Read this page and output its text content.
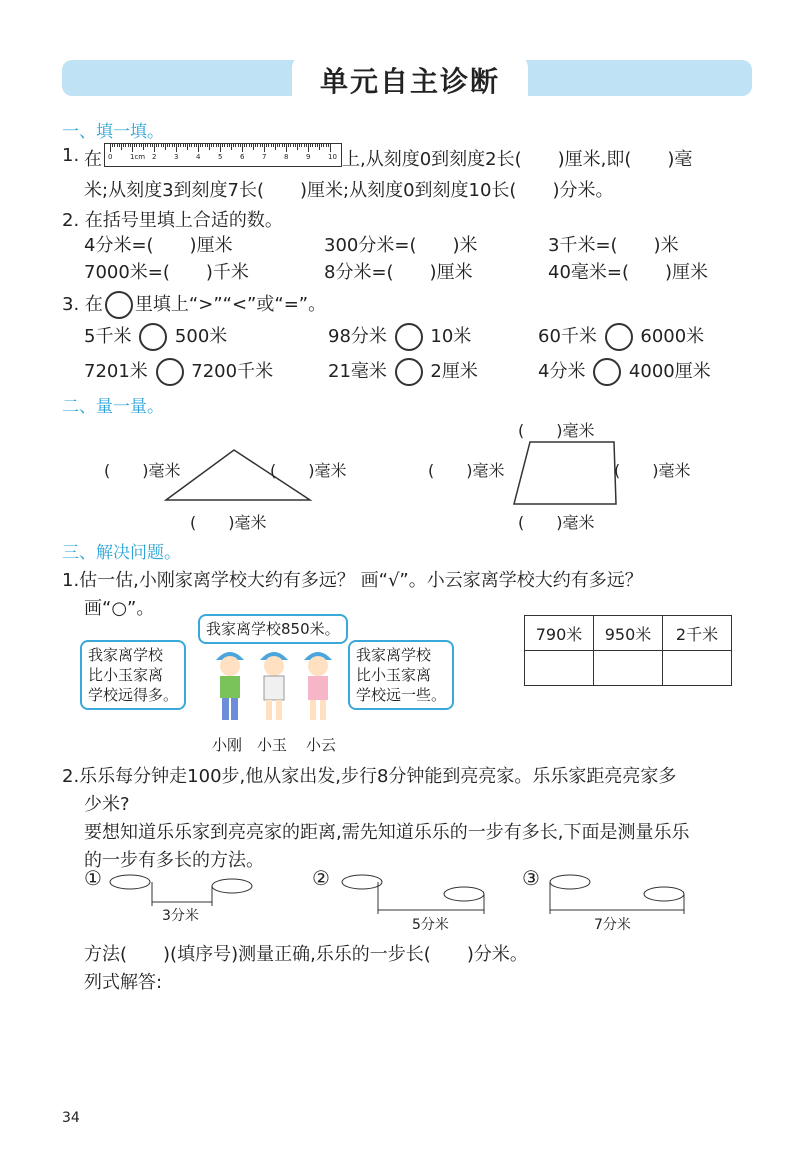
单元自主诊断
一、填一填。
1. 在 0	1cm 2	3	4	5	6	7	8	9	10 上,从刻度0到刻度2长(　　)厘米,即(　　)毫
米;从刻度3到刻度7长(　　)厘米;从刻度0到刻度10长(　　)分米。
2. 在括号里填上合适的数。
4分米=(　　)厘米	300分米=(　　)米	3千米=(　　)米
7000米=(　　)千米	8分米=(　　)厘米	40毫米=(　　)厘米
3. 在 里填上“>”“<”或“=”。
5千米 500米	98分米 10米	60千米 6000米
7201米 7200千米	21毫米 2厘米	4分米 4000厘米
二、量一量。
(　　)毫米	(　　)毫米
(　　)毫米
(　　)毫米
(　　)毫米	(　　)毫米
(　　)毫米
三、解决问题。
1.估一估,小刚家离学校大约有多远？ 画“√”。小云家离学校大约有多远？
画“○”。
我家离学校850米。
我家离学校
比小玉家离
学校远得多。
我家离学校
比小玉家离
学校远一些。
小刚 小玉 小云
790米	950米	2千米

2.乐乐每分钟走100步,他从家出发,步行8分钟能到亮亮家。乐乐家距亮亮家多
少米?
要想知道乐乐家到亮亮家的距离,需先知道乐乐的一步有多长,下面是测量乐乐
的一步有多长的方法。
①
3分米
②
5分米
③
7分米
方法(　　)(填序号)测量正确,乐乐的一步长(　　)分米。
列式解答:
34
